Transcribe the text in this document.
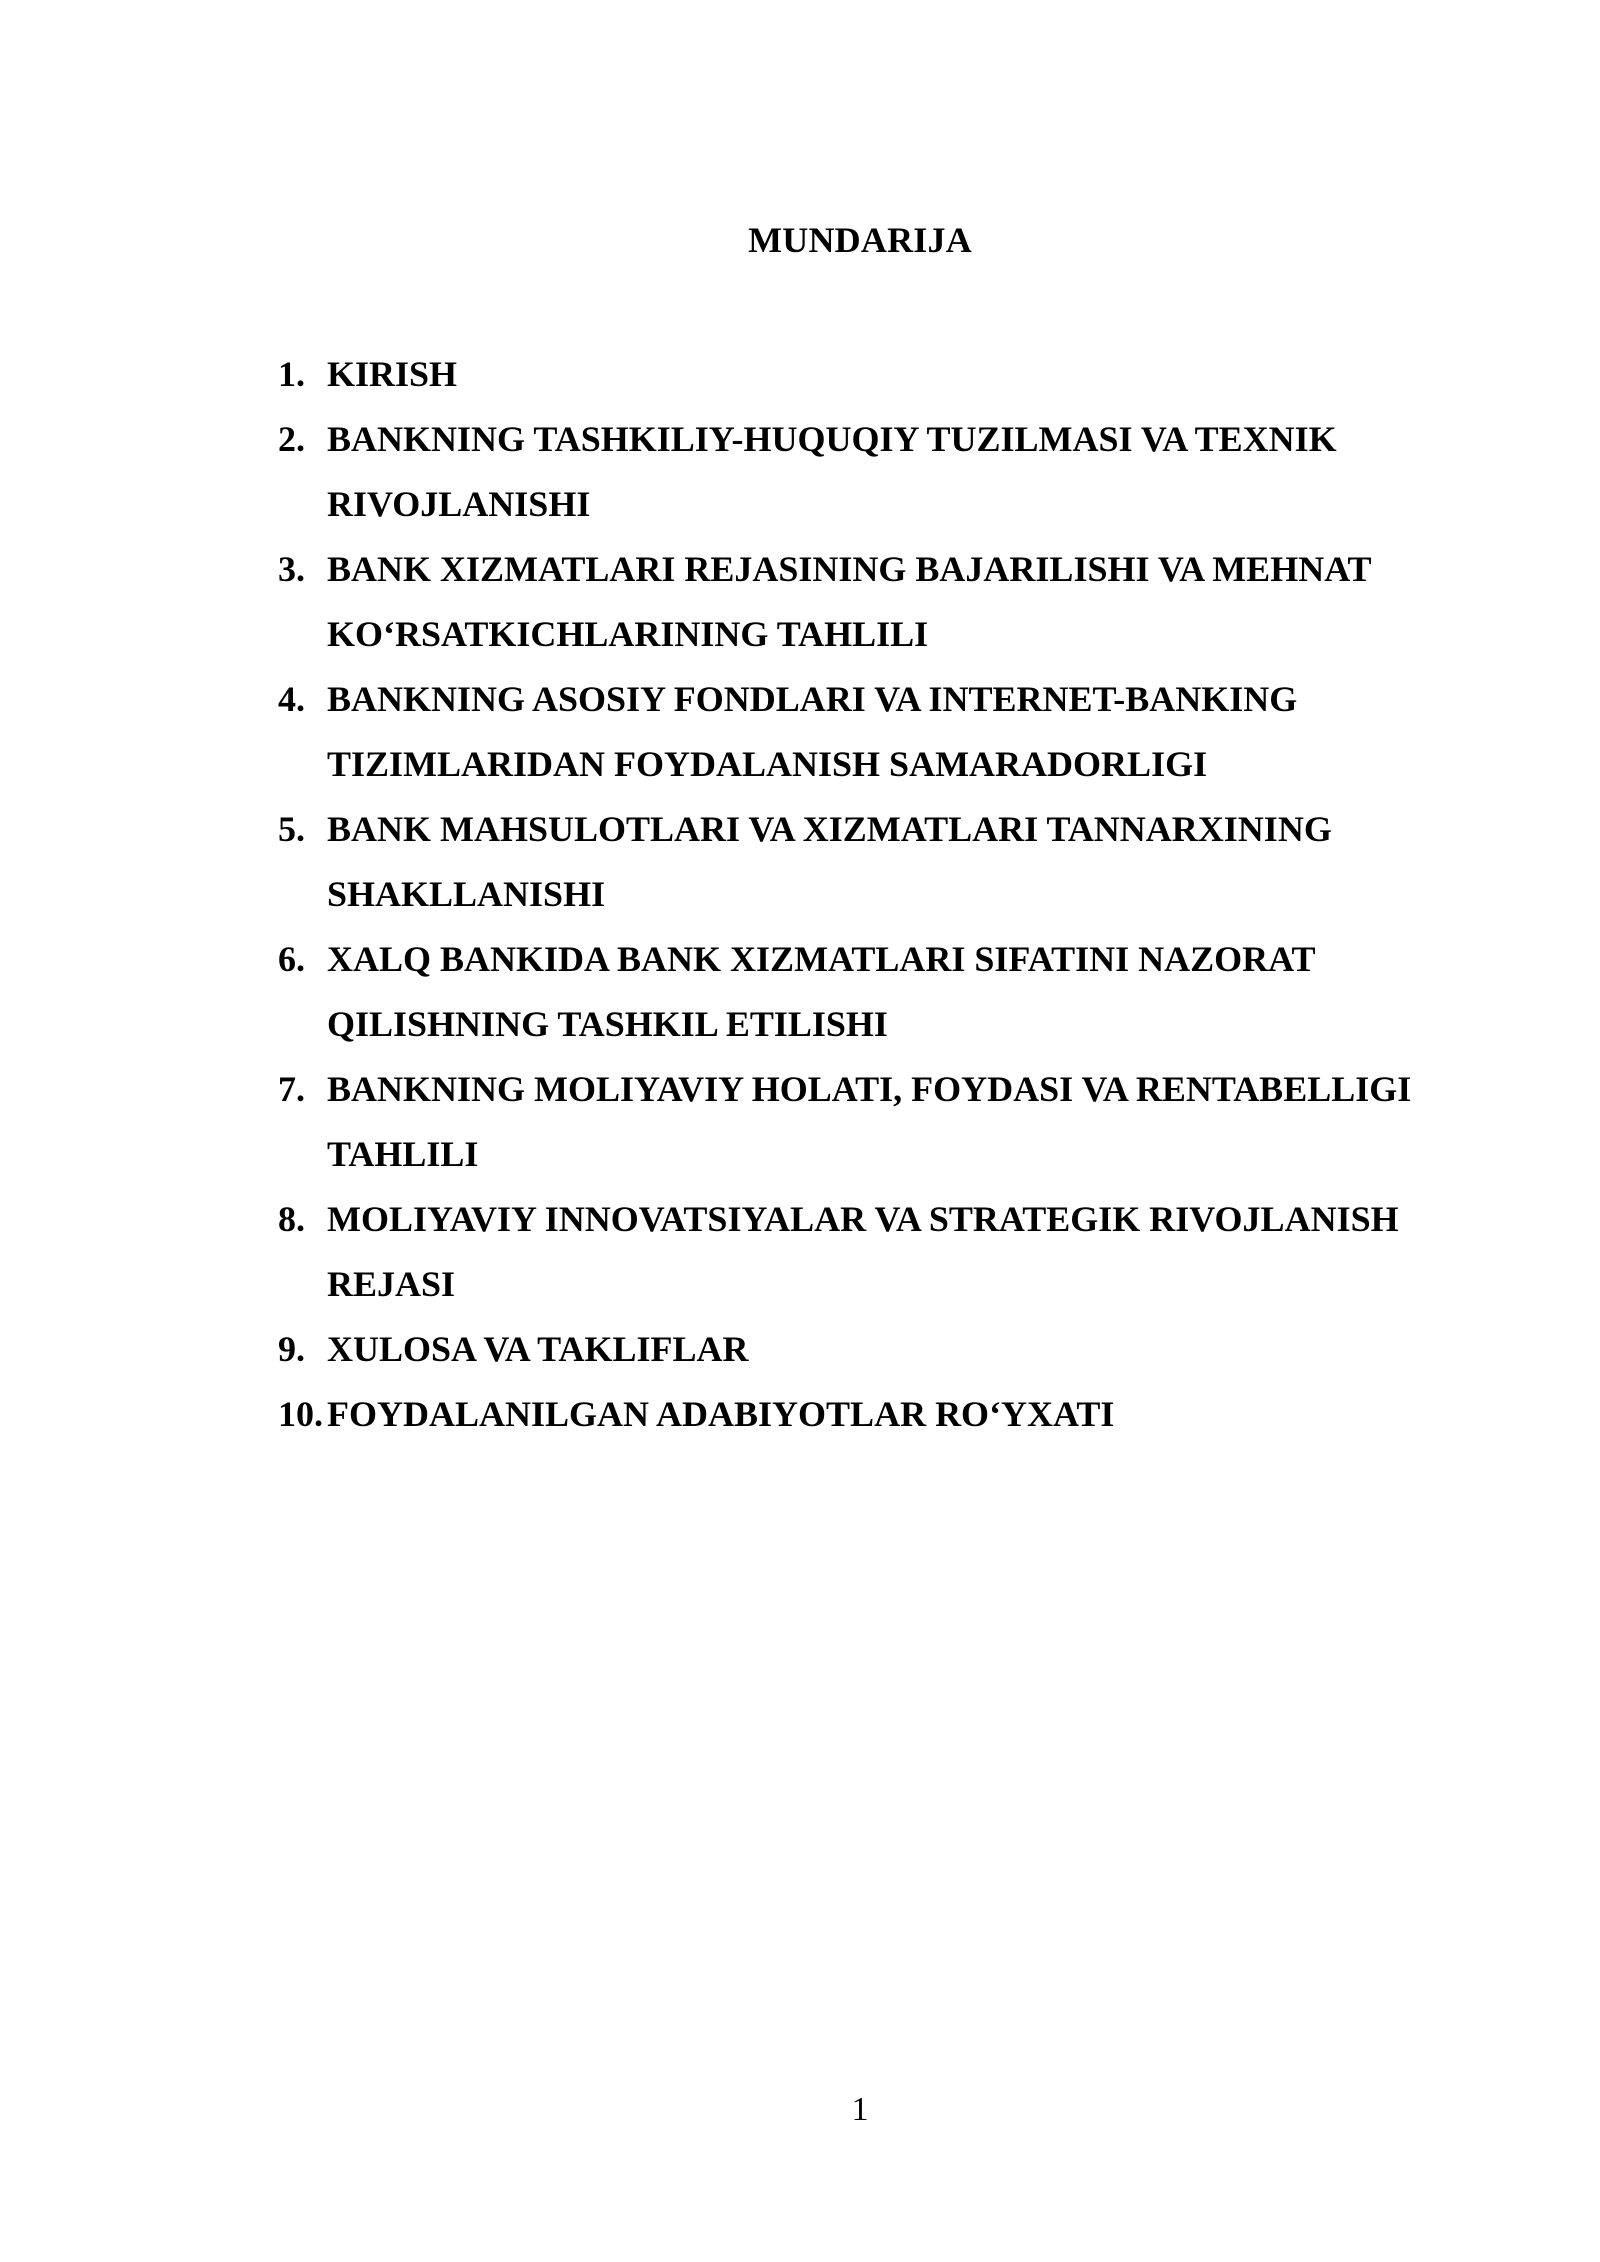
MUNDARIJA
1. KIRISH
2. BANKNING TASHKILIY-HUQUQIY TUZILMASI VA TEXNIK
RIVOJLANISHI
3. BANK XIZMATLARI REJASINING BAJARILISHI VA MEHNAT
KO‘RSATKICHLARINING TAHLILI
4. BANKNING ASOSIY FONDLARI VA INTERNET-BANKING
TIZIMLARIDAN FOYDALANISH SAMARADORLIGI
5. BANK MAHSULOTLARI VA XIZMATLARI TANNARXINING
SHAKLLANISHI
6. XALQ BANKIDA BANK XIZMATLARI SIFATINI NAZORAT
QILISHNING TASHKIL ETILISHI
7. BANKNING MOLIYAVIY HOLATI, FOYDASI VA RENTABELLIGI
TAHLILI
8. MOLIYAVIY INNOVATSIYALAR VA STRATEGIK RIVOJLANISH
REJASI
9. XULOSA VA TAKLIFLAR
10. FOYDALANILGAN ADABIYOTLAR RO‘YXATI
1
